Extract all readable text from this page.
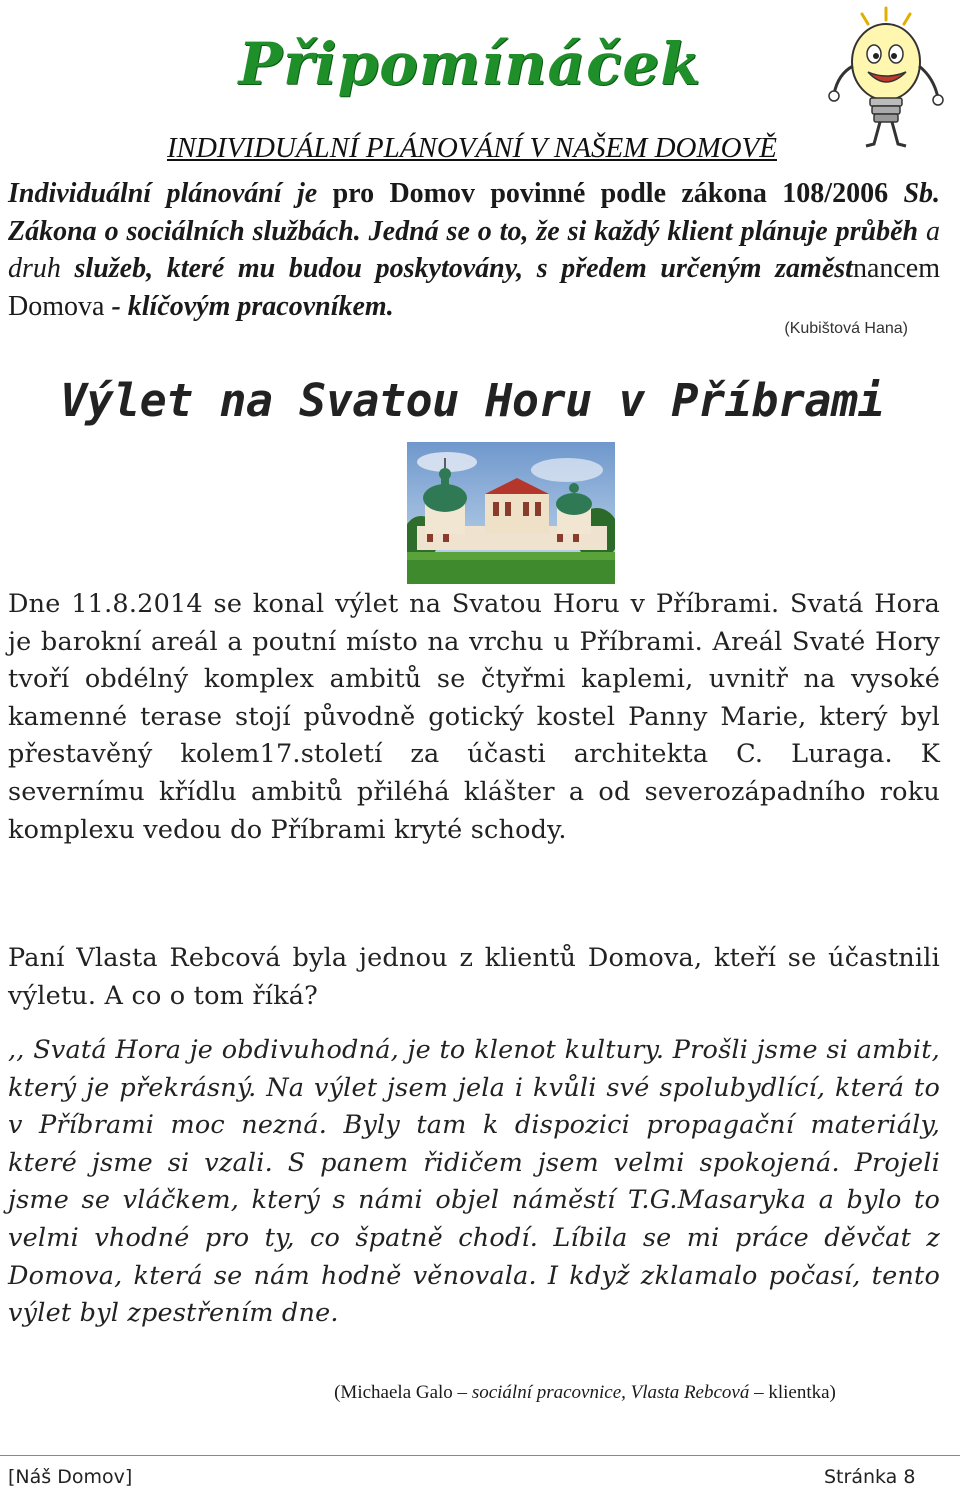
Připomínáček
INDIVIDUÁLNÍ PLÁNOVÁNÍ V NAŠEM DOMOVĚ
Individuální plánování je pro Domov povinné podle zákona 108/2006 Sb. Zákona o sociálních službách. Jedná se o to, že si každý klient plánuje průběh a druh služeb, které mu budou poskytovány, s předem určeným zaměstnancem Domova - klíčovým pracovníkem.
(Kubištová Hana)
Výlet na Svatou Horu v Příbrami
Dne 11.8.2014 se konal výlet na Svatou Horu v Příbrami. Svatá Hora je barokní areál a poutní místo na vrchu u Příbrami. Areál Svaté Hory tvoří obdélný komplex ambitů se čtyřmi kaplemi, uvnitř na vysoké kamenné terase stojí původně gotický kostel Panny Marie, který byl přestavěný kolem17.století za účasti architekta C. Luraga. K severnímu křídlu ambitů přiléhá klášter a od severozápadního roku komplexu vedou do Příbrami kryté schody.
Paní Vlasta Rebcová byla jednou z klientů Domova, kteří se účastnili výletu. A co o tom říká?
,, Svatá Hora je obdivuhodná, je to klenot kultury. Prošli jsme si ambit, který je překrásný. Na výlet jsem jela i kvůli své spolubydlící, která to v Příbrami moc nezná. Byly tam k dispozici propagační materiály, které jsme si vzali. S panem řidičem jsem velmi spokojená. Projeli jsme se vláčkem, který s námi objel náměstí T.G.Masaryka a bylo to velmi vhodné pro ty, co špatně chodí. Líbila se mi práce děvčat z Domova, která se nám hodně věnovala. I když zklamalo počasí, tento výlet byl zpestřením dne.
(Michaela Galo – sociální pracovnice, Vlasta Rebcová – klientka)
[Náš Domov]	Stránka 8
